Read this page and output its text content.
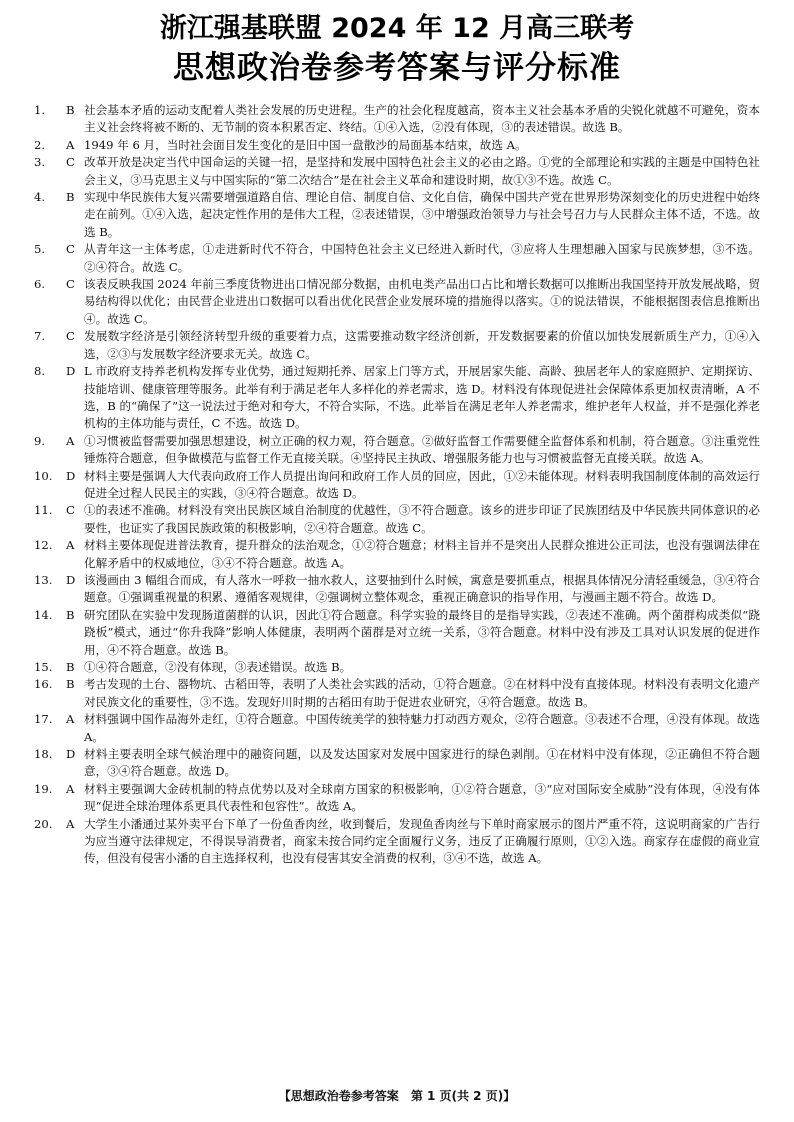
浙江强基联盟 2024 年 12 月高三联考
思想政治卷参考答案与评分标准

1.	B 社会基本矛盾的运动支配着人类社会发展的历史进程。生产的社会化程度越高，资本主义社会基本矛盾的尖锐化就越不可避免，资本主义社会终将被不断的、无节制的资本积累否定、终结。①④入选，②没有体现，③的表述错误。故选 B。

2.	A 1949 年 6 月，当时社会面目发生变化的是旧中国一盘散沙的局面基本结束，故选 A。

3.	C 改革开放是决定当代中国命运的关键一招，是坚持和发展中国特色社会主义的必由之路。①党的全部理论和实践的主题是中国特色社会主义，③马克思主义与中国实际的“第二次结合”是在社会主义革命和建设时期，故①③不选。故选 C。

4.	B 实现中华民族伟大复兴需要增强道路自信、理论自信、制度自信、文化自信，确保中国共产党在世界形势深刻变化的历史进程中始终走在前列。①④入选，起决定性作用的是伟大工程，②表述错误，③中增强政治领导力与社会号召力与人民群众主体不适，不选。故选 B。

5.	C 从青年这一主体考虑，①走进新时代不符合，中国特色社会主义已经进入新时代，③应将人生理想融入国家与民族梦想，③不选。②④符合。故选 C。

6.	C 该表反映我国 2024 年前三季度货物进出口情况部分数据，由机电类产品出口占比和增长数据可以推断出我国坚持开放发展战略，贸易结构得以优化；由民营企业进出口数据可以看出优化民营企业发展环境的措施得以落实。①的说法错误，不能根据图表信息推断出④。故选 C。

7.	C 发展数字经济是引领经济转型升级的重要着力点，这需要推动数字经济创新，开发数据要素的价值以加快发展新质生产力，①④入选，②③与发展数字经济要求无关。故选 C。

8.	D L 市政府支持养老机构发挥专业优势，通过短期托养、居家上门等方式，开展居家失能、高龄、独居老年人的家庭照护、定期探访、技能培训、健康管理等服务。此举有利于满足老年人多样化的养老需求，选 D。材料没有体现促进社会保障体系更加权责清晰，A 不选，B 的“确保了”这一说法过于绝对和夸大，不符合实际，不选。此举旨在满足老年人养老需求，维护老年人权益，并不是强化养老机构的主体功能与责任，C 不选。故选 D。

9.	A ①习惯被监督需要加强思想建设，树立正确的权力观，符合题意。②做好监督工作需要健全监督体系和机制，符合题意。③注重党性锤炼符合题意，但争做模范与监督工作无直接关联。④坚持民主执政、增强服务能力也与习惯被监督无直接关联。故选 A。

10.	D 材料主要是强调人大代表向政府工作人员提出询问和政府工作人员的回应，因此，①②未能体现。材料表明我国制度体制的高效运行促进全过程人民民主的实践，③④符合题意。故选 D。

11.	C ①的表述不准确。材料没有突出民族区域自治制度的优越性，③不符合题意。该乡的进步印证了民族团结及中华民族共同体意识的必要性，也证实了我国民族政策的积极影响，②④符合题意。故选 C。

12.	A 材料主要体现促进普法教育，提升群众的法治观念，①②符合题意；材料主旨并不是突出人民群众推进公正司法，也没有强调法律在化解矛盾中的权威地位，③④不符合题意。故选 A。

13.	D 该漫画由 3 幅组合而成，有人落水一呼救一抽水救人，这要抽到什么时候，寓意是要抓重点，根据具体情况分清轻重缓急，③④符合题意。①强调重视量的积累、遵循客观规律，②强调树立整体观念，重视正确意识的指导作用，与漫画主题不符合。故选 D。

14.	B 研究团队在实验中发现肠道菌群的认识，因此①符合题意。科学实验的最终目的是指导实践，②表述不准确。两个菌群构成类似“跷跷板”模式，通过“你升我降”影响人体健康，表明两个菌群是对立统一关系，③符合题意。材料中没有涉及工具对认识发展的促进作用，④不符合题意。故选 B。

15.	B ①④符合题意，②没有体现，③表述错误。故选 B。

16.	B 考古发现的土台、器物坑、古稻田等，表明了人类社会实践的活动，①符合题意。②在材料中没有直接体现。材料没有表明文化遗产对民族文化的重要性，③不选。发现好川时期的古稻田有助于促进农业研究，④符合题意。故选 B。

17.	A 材料强调中国作品海外走红，①符合题意。中国传统美学的独特魅力打动西方观众，②符合题意。③表述不合理，④没有体现。故选 A。

18.	D 材料主要表明全球气候治理中的融资问题，以及发达国家对发展中国家进行的绿色剥削。①在材料中没有体现，②正确但不符合题意，③④符合题意。故选 D。

19.	A 材料主要强调大金砖机制的特点优势以及对全球南方国家的积极影响，①②符合题意，③“应对国际安全威胁”没有体现，④没有体现“促进全球治理体系更具代表性和包容性”。故选 A。

20.	A 大学生小潘通过某外卖平台下单了一份鱼香肉丝，收到餐后，发现鱼香肉丝与下单时商家展示的图片严重不符，这说明商家的广告行为应当遵守法律规定，不得误导消费者，商家未按合同约定全面履行义务，违反了正确履行原则，①②入选。商家存在虚假的商业宣传，但没有侵害小潘的自主选择权利，也没有侵害其安全消费的权利，③④不选，故选 A。

【思想政治卷参考答案 第 1 页(共 2 页)】
